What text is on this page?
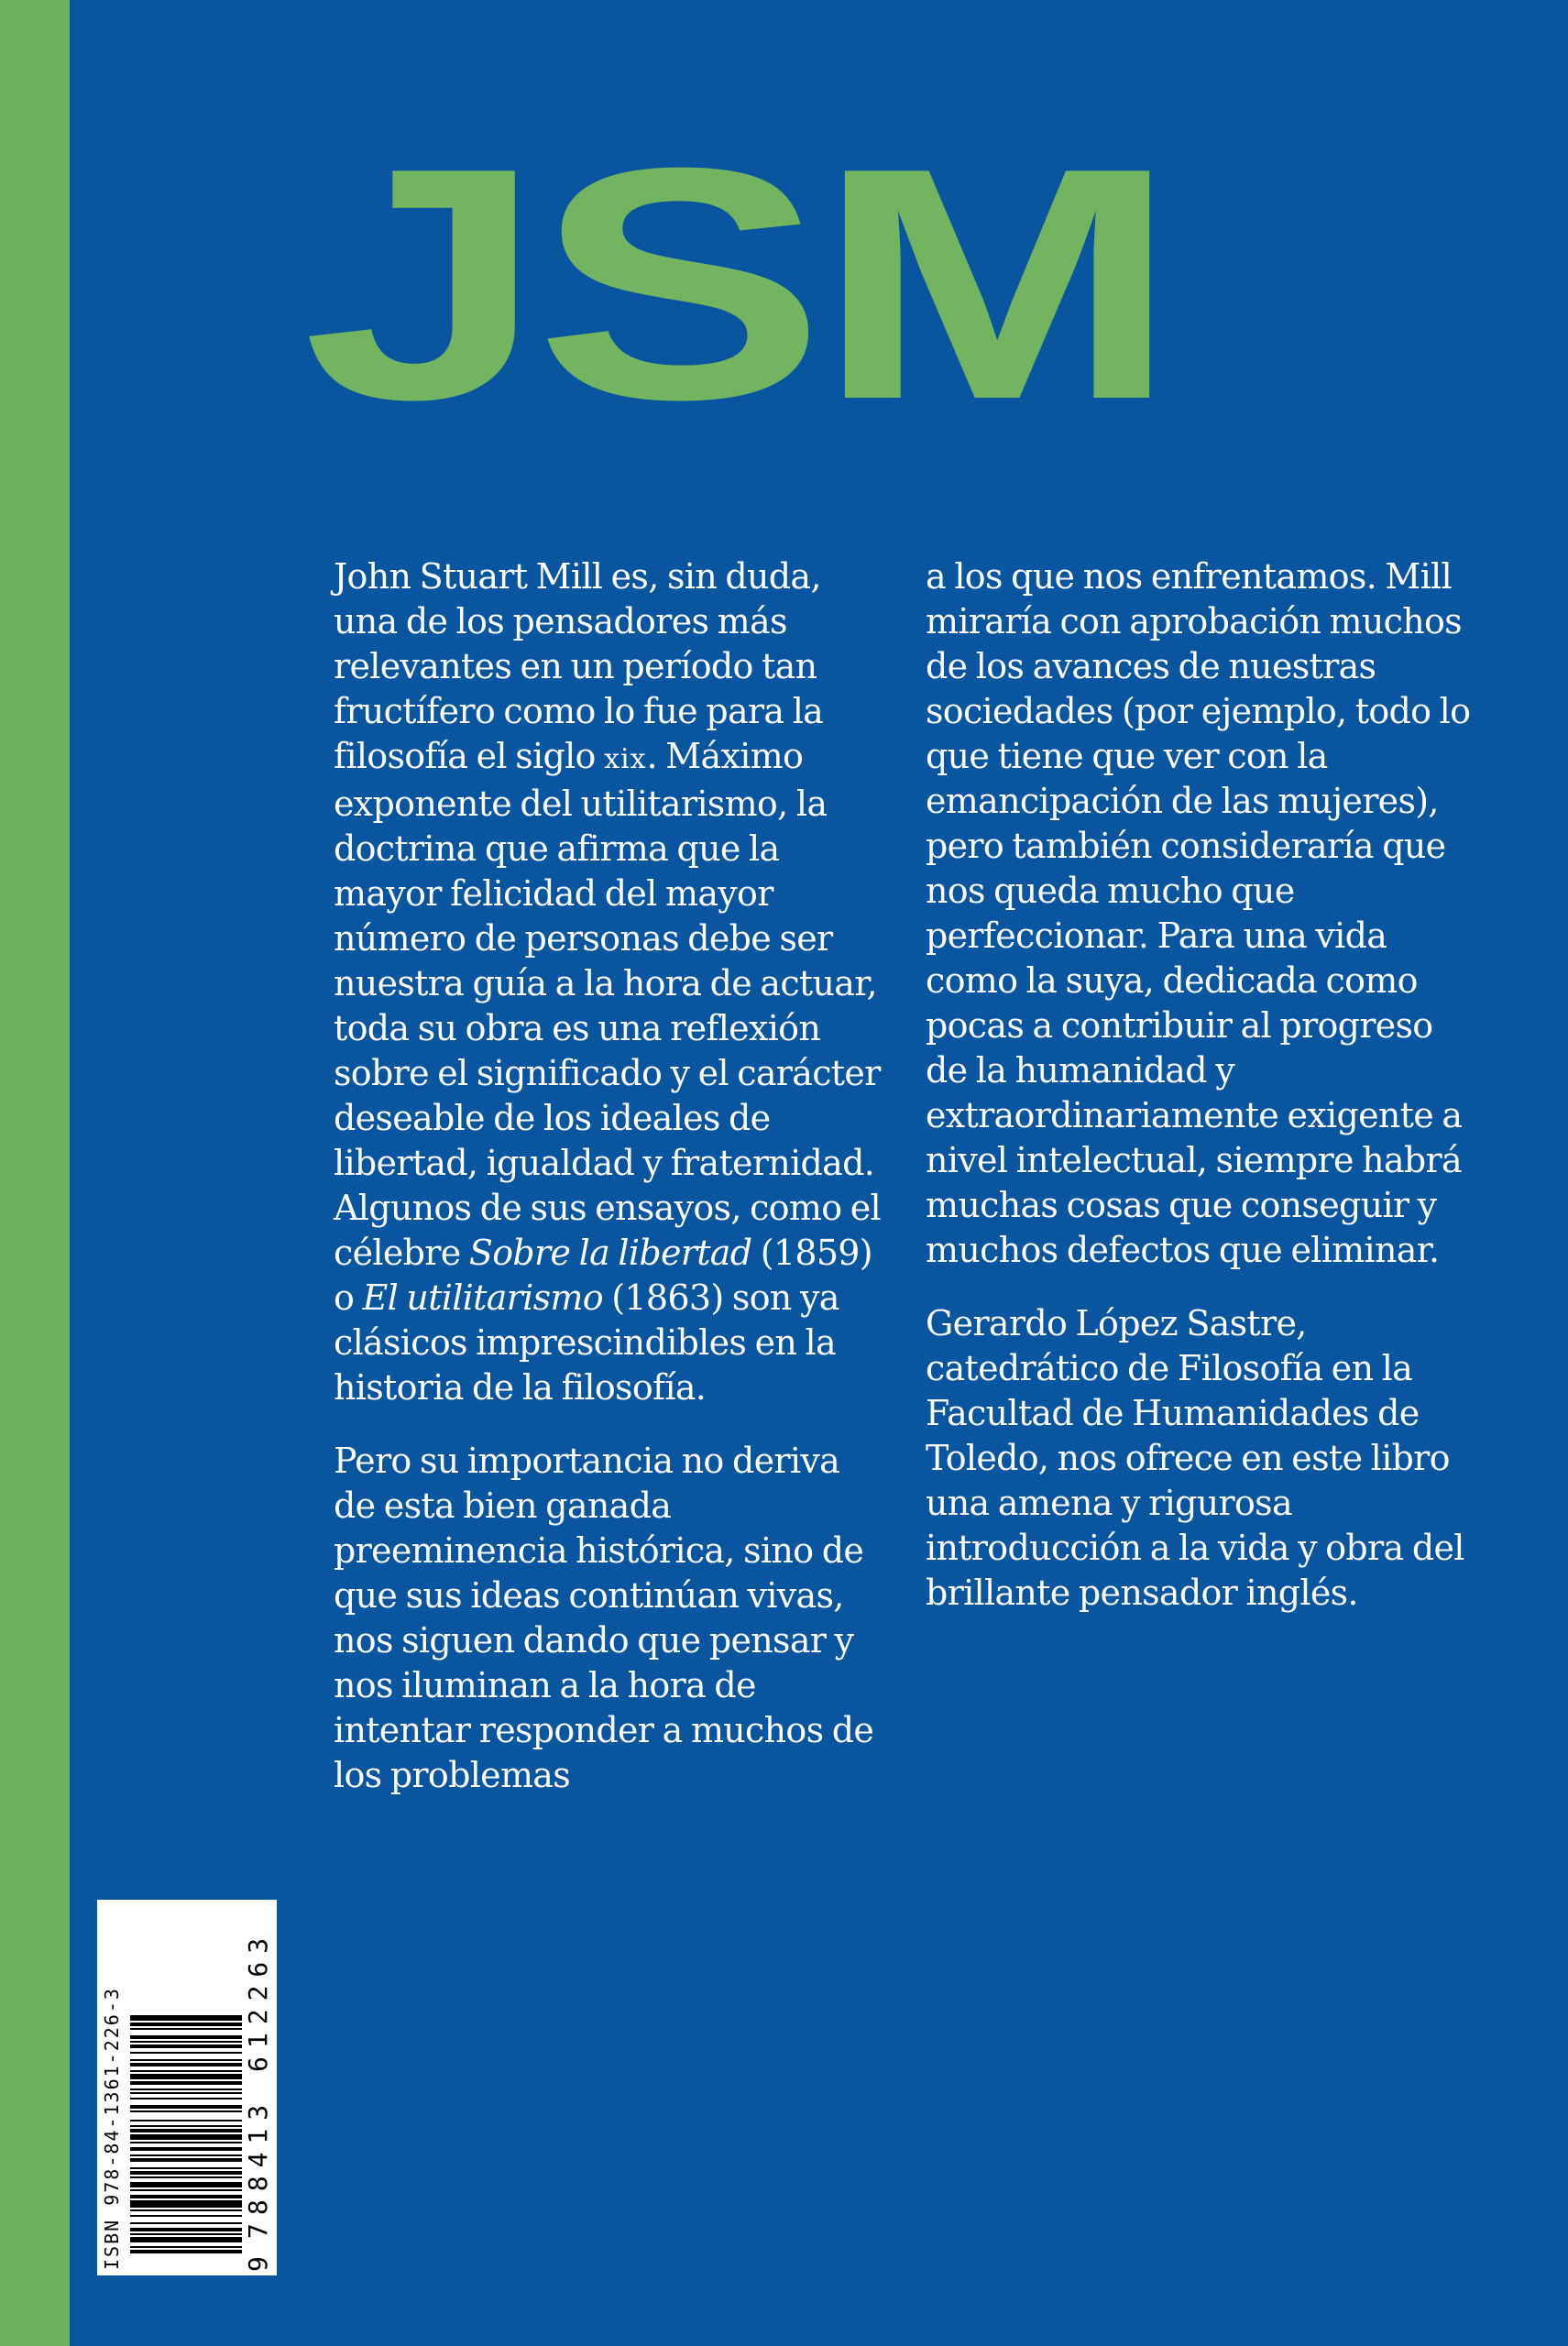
JSM

John Stuart Mill es, sin duda, una de los pensadores más relevantes en un período tan fructífero como lo fue para la filosofía el siglo xix. Máximo exponente del utilitarismo, la doctrina que afirma que la mayor felicidad del mayor número de personas debe ser nuestra guía a la hora de actuar, toda su obra es una reflexión sobre el significado y el carácter deseable de los ideales de libertad, igualdad y fraternidad. Algunos de sus ensayos, como el célebre Sobre la libertad (1859) o El utilitarismo (1863) son ya clásicos imprescindibles en la historia de la filosofía.

Pero su importancia no deriva de esta bien ganada preeminencia histórica, sino de que sus ideas continúan vivas, nos siguen dando que pensar y nos iluminan a la hora de intentar responder a muchos de los problemas

a los que nos enfrentamos. Mill miraría con aprobación muchos de los avances de nuestras sociedades (por ejemplo, todo lo que tiene que ver con la emancipación de las mujeres), pero también consideraría que nos queda mucho que perfeccionar. Para una vida como la suya, dedicada como pocas a contribuir al progreso de la humanidad y extraordinariamente exigente a nivel intelectual, siempre habrá muchas cosas que conseguir y muchos defectos que eliminar.

Gerardo López Sastre, catedrático de Filosofía en la Facultad de Humanidades de Toledo, nos ofrece en este libro una amena y rigurosa introducción a la vida y obra del brillante pensador inglés.

ISBN 978-84-1361-226-3	9
788413
612263
